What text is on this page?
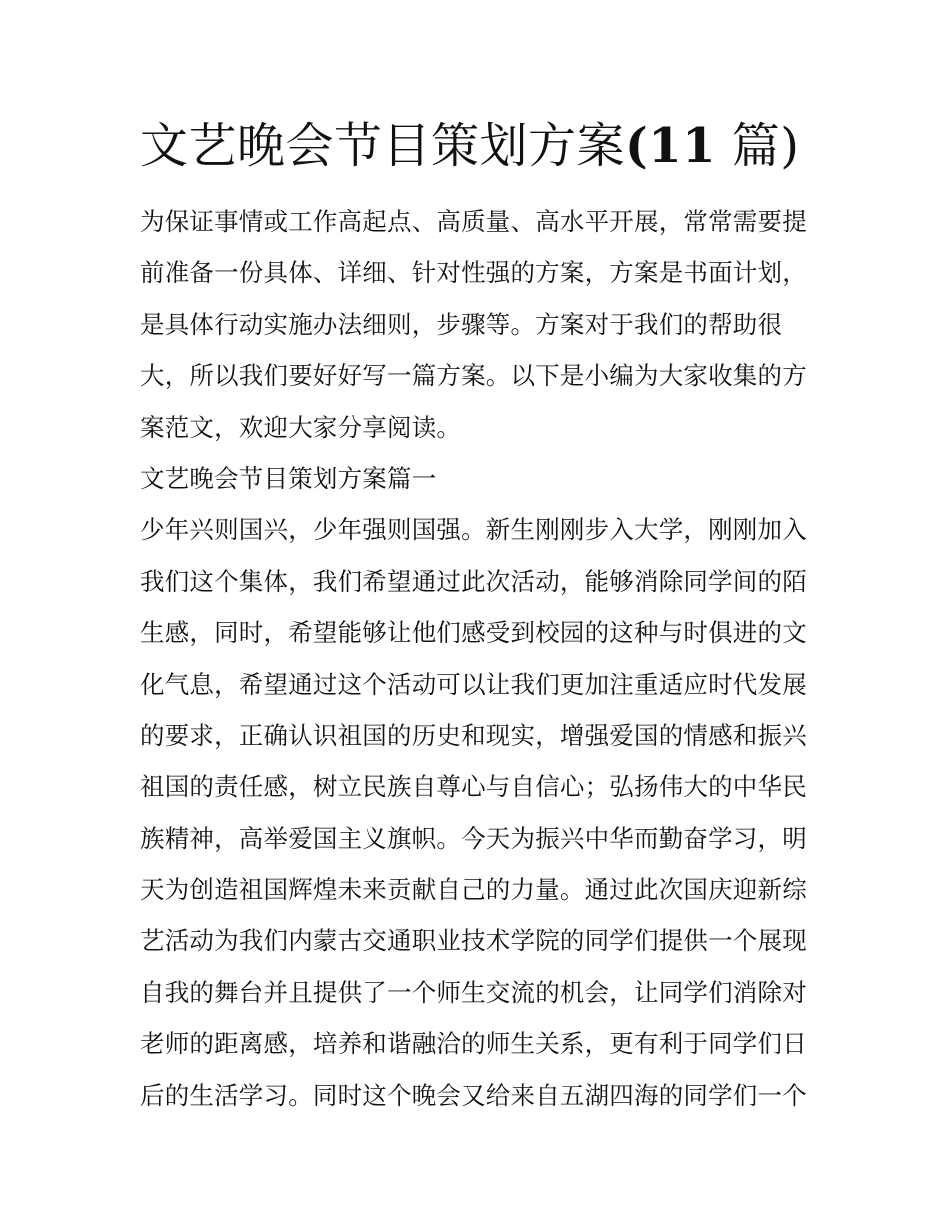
文艺晚会节目策划方案(11 篇)

为保证事情或工作高起点、高质量、高水平开展，常常需要提

前准备一份具体、详细、针对性强的方案，方案是书面计划，

是具体行动实施办法细则，步骤等。方案对于我们的帮助很

大，所以我们要好好写一篇方案。以下是小编为大家收集的方

案范文，欢迎大家分享阅读。

文艺晚会节目策划方案篇一

少年兴则国兴，少年强则国强。新生刚刚步入大学，刚刚加入

我们这个集体，我们希望通过此次活动，能够消除同学间的陌

生感，同时，希望能够让他们感受到校园的这种与时俱进的文

化气息，希望通过这个活动可以让我们更加注重适应时代发展

的要求，正确认识祖国的历史和现实，增强爱国的情感和振兴

祖国的责任感，树立民族自尊心与自信心；弘扬伟大的中华民

族精神，高举爱国主义旗帜。今天为振兴中华而勤奋学习，明

天为创造祖国辉煌未来贡献自己的力量。通过此次国庆迎新综

艺活动为我们内蒙古交通职业技术学院的同学们提供一个展现

自我的舞台并且提供了一个师生交流的机会，让同学们消除对

老师的距离感，培养和谐融洽的师生关系，更有利于同学们日

后的生活学习。同时这个晚会又给来自五湖四海的同学们一个
